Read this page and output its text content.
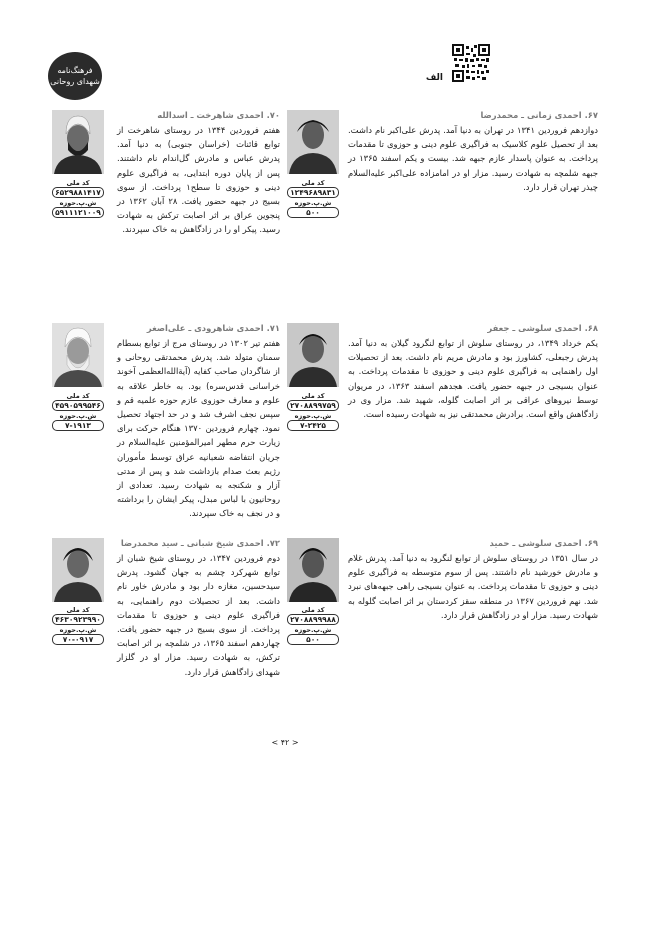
فرهنگ‌نامه
شهدای روحانی	الف
۶۷. احمدی زمانی ـ محمدرضا
دوازدهم فروردین ۱۳۴۱ در تهران به دنیا آمد. پدرش علی‌اکبر نام داشت. بعد از تحصیل علوم کلاسیک به فراگیری علوم دینی و حوزوی تا مقدمات پرداخت. به عنوان پاسدار عازم جبهه شد. بیست و یکم اسفند ۱۳۶۵ در جبهه شلمچه به شهادت رسید. مزار او در امامزاده علی‌اکبر علیه‌السلام چیذر تهران قرار دارد.
کد ملی
۱۲۴۹۶۸۹۸۳۱
ش.پ.حوزه
۵۰۰
۷۰. احمدی شاهرخت ـ اسدالله
هفتم فروردین ۱۳۴۴ در روستای شاهرخت از توابع قائنات (خراسان جنوبی) به دنیا آمد. پدرش عباس و مادرش گل‌اندام نام داشتند. پس از پایان دوره ابتدایی، به فراگیری علوم دینی و حوزوی تا سطح۱ پرداخت. از سوی بسیج در جبهه حضور یافت. ۲۸ آبان ۱۳۶۲ در پنجوین عراق بر اثر اصابت ترکش به شهادت رسید. پیکر او را در زادگاهش به خاک سپردند.
کد ملی
۶۵۲۹۸۸۱۴۱۷
ش.پ.حوزه
۵۹۱۱۱۲۱۰۰۹
۶۸. احمدی سلوشی ـ جعفر
یکم خرداد ۱۳۴۹، در روستای سلوش از توابع لنگرود گیلان به دنیا آمد. پدرش رجبعلی، کشاورز بود و مادرش مریم نام داشت. بعد از تحصیلات اول راهنمایی به فراگیری علوم دینی و حوزوی تا مقدمات پرداخت. به عنوان بسیجی در جبهه حضور یافت. هجدهم اسفند ۱۳۶۳، در مریوان توسط نیروهای عراقی بر اثر اصابت گلوله، شهید شد. مزار وی در زادگاهش واقع است. برادرش محمدتقی نیز به شهادت رسیده است.
کد ملی
۲۷۰۸۸۹۹۷۵۹
ش.پ.حوزه
۷-۲۴۲۵
۷۱. احمدی شاهرودی ـ علی‌اصغر
هفتم تیر ۱۳۰۲ در روستای مرج از توابع بسطام سمنان متولد شد. پدرش محمدتقی روحانی و از شاگردان صاحب کفایه (آیة‌الله‌العظمی آخوند خراسانی قدس‌سره) بود. به خاطر علاقه به علوم و معارف حوزوی عازم حوزه علمیه قم و سپس نجف اشرف شد و در حد اجتهاد تحصیل نمود. چهارم فروردین ۱۳۷۰ هنگام حرکت برای زیارت حرم مطهر امیرالمؤمنین علیه‌السلام در جریان انتفاضه شعبانیه عراق توسط مأموران رژیم بعث صدام بازداشت شد و پس از مدتی آزار و شکنجه به شهادت رسید. تعدادی از روحانیون با لباس مبدل، پیکر ایشان را برداشته و در نجف به خاک سپردند.
کد ملی
۴۵۹۰۵۹۹۵۴۶
ش.پ.حوزه
۷-۱۹۱۳
۶۹. احمدی سلوشی ـ حمید
در سال ۱۳۵۱ در روستای سلوش از توابع لنگرود به دنیا آمد. پدرش غلام و مادرش خورشید نام داشتند. پس از سوم متوسطه به فراگیری علوم دینی و حوزوی تا مقدمات پرداخت. به عنوان بسیجی راهی جبهه‌های نبرد شد. نهم فروردین ۱۳۶۷ در منطقه سقز کردستان بر اثر اصابت گلوله به شهادت رسید. مزار او در زادگاهش قرار دارد.
کد ملی
۲۷۰۸۸۹۹۹۸۸
ش.پ.حوزه
۵۰۰
۷۲. احمدی شیخ شبانی ـ سید محمدرضا
دوم فروردین ۱۳۴۷، در روستای شیخ شبان از توابع شهرکرد چشم به جهان گشود. پدرش سیدحسین، مغازه دار بود و مادرش خاور نام داشت. بعد از تحصیلات دوم راهنمایی، به فراگیری علوم دینی و حوزوی تا مقدمات پرداخت. از سوی بسیج در جبهه حضور یافت. چهاردهم اسفند ۱۳۶۵، در شلمچه بر اثر اصابت ترکش، به شهادت رسید. مزار او در گلزار شهدای زادگاهش قرار دارد.
کد ملی
۴۶۳۰۹۲۳۹۹۰
ش.پ.حوزه
۷۰-۰۹۱۷
< ۴۲ >
